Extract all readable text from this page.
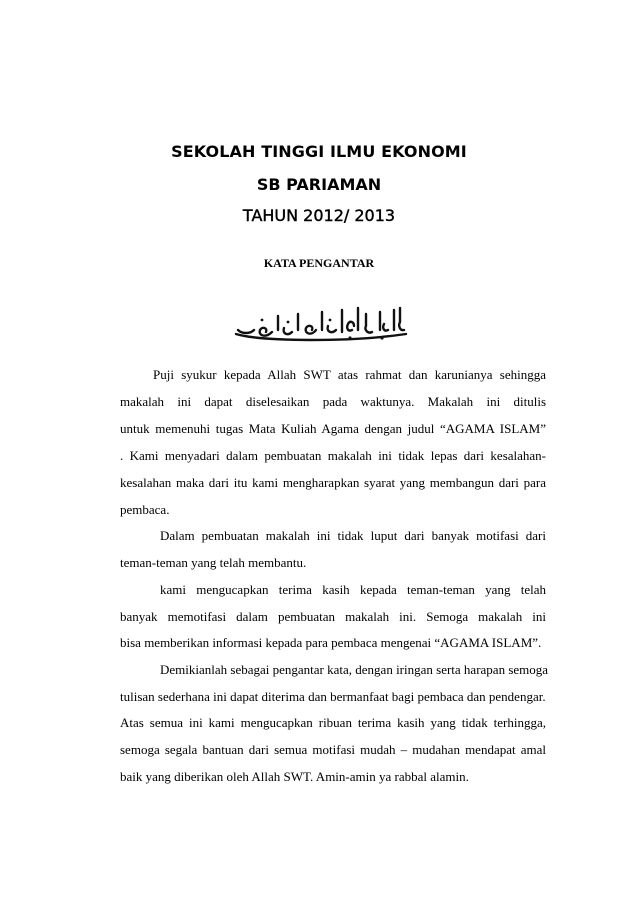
SEKOLAH TINGGI ILMU EKONOMI
SB PARIAMAN
TAHUN 2012/ 2013
KATA PENGANTAR
Puji syukur kepada Allah SWT atas rahmat dan karunianya sehingga
makalah ini dapat diselesaikan pada waktunya. Makalah ini ditulis
untuk memenuhi tugas Mata Kuliah Agama dengan judul “AGAMA ISLAM”
. Kami menyadari dalam pembuatan makalah ini tidak lepas dari kesalahan-
kesalahan maka dari itu kami mengharapkan syarat yang membangun dari para
pembaca.
Dalam pembuatan makalah ini tidak luput dari banyak motifasi dari
teman-teman yang telah membantu.
kami mengucapkan terima kasih kepada teman-teman yang telah
banyak memotifasi dalam pembuatan makalah ini. Semoga makalah ini
bisa memberikan informasi kepada para pembaca mengenai “AGAMA ISLAM”.
Demikianlah sebagai pengantar kata, dengan iringan serta harapan semoga
tulisan sederhana ini dapat diterima dan bermanfaat bagi pembaca dan pendengar.
Atas semua ini kami mengucapkan ribuan terima kasih yang tidak terhingga,
semoga segala bantuan dari semua motifasi mudah – mudahan mendapat amal
baik yang diberikan oleh Allah SWT. Amin-amin ya rabbal alamin.
